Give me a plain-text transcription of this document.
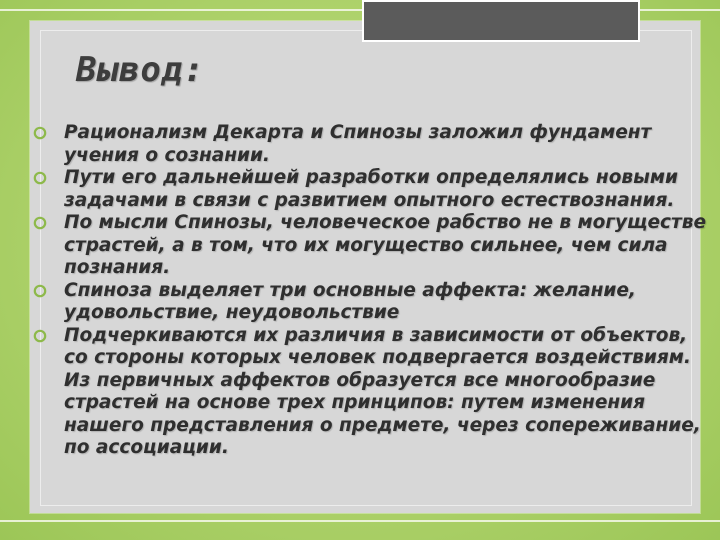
Вывод:
Рационализм Декарта и Спинозы заложил фундамент учения о сознании.
Пути его дальнейшей разработки определялись новыми задачами в связи с развитием опытного естествознания.
По мысли Спинозы, человеческое рабство не в могуществе страстей, а в том, что их могущество сильнее, чем сила познания.
Спиноза выделяет три основные аффекта: желание, удовольствие, неудовольствие
Подчеркиваются их различия в зависимости от объектов, со стороны которых человек подвергается воздействиям. Из первичных аффектов образуется все многообразие страстей на основе трех принципов: путем изменения нашего представления о предмете, через сопереживание, по ассоциации.
